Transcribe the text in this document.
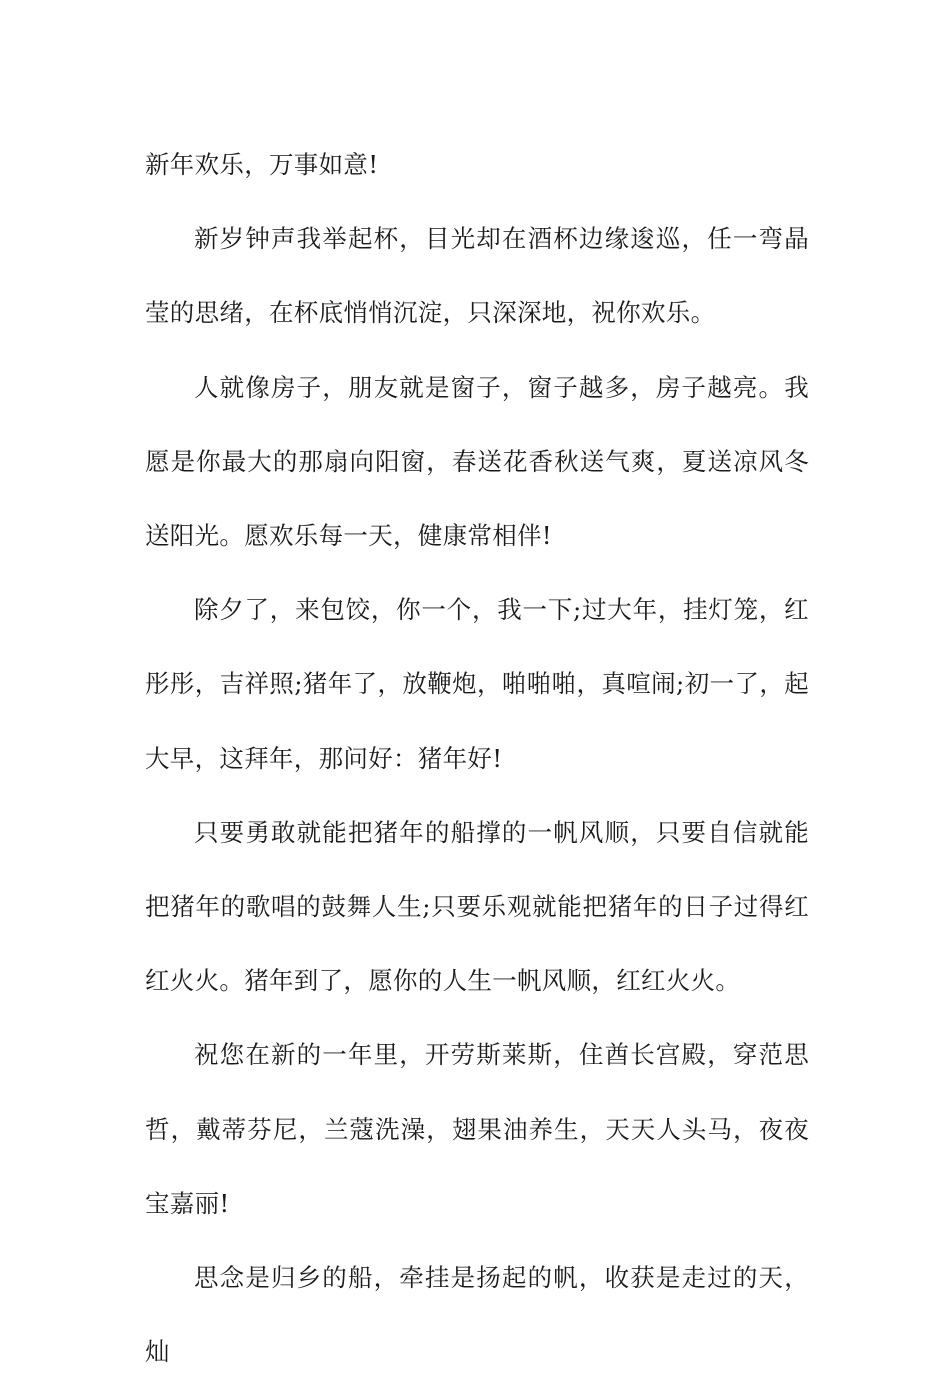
新年欢乐，万事如意!

新岁钟声我举起杯，目光却在酒杯边缘逡巡，任一弯晶莹的思绪，在杯底悄悄沉淀，只深深地，祝你欢乐。

人就像房子，朋友就是窗子，窗子越多，房子越亮。我愿是你最大的那扇向阳窗，春送花香秋送气爽，夏送凉风冬送阳光。愿欢乐每一天，健康常相伴!

除夕了，来包饺，你一个，我一下;过大年，挂灯笼，红彤彤，吉祥照;猪年了，放鞭炮，啪啪啪，真喧闹;初一了，起大早，这拜年，那问好：猪年好!

只要勇敢就能把猪年的船撑的一帆风顺，只要自信就能把猪年的歌唱的鼓舞人生;只要乐观就能把猪年的日子过得红红火火。猪年到了，愿你的人生一帆风顺，红红火火。

祝您在新的一年里，开劳斯莱斯，住酋长宫殿，穿范思哲，戴蒂芬尼，兰蔻洗澡，翅果油养生，天天人头马，夜夜宝嘉丽!

思念是归乡的船，牵挂是扬起的帆，收获是走过的天，灿
